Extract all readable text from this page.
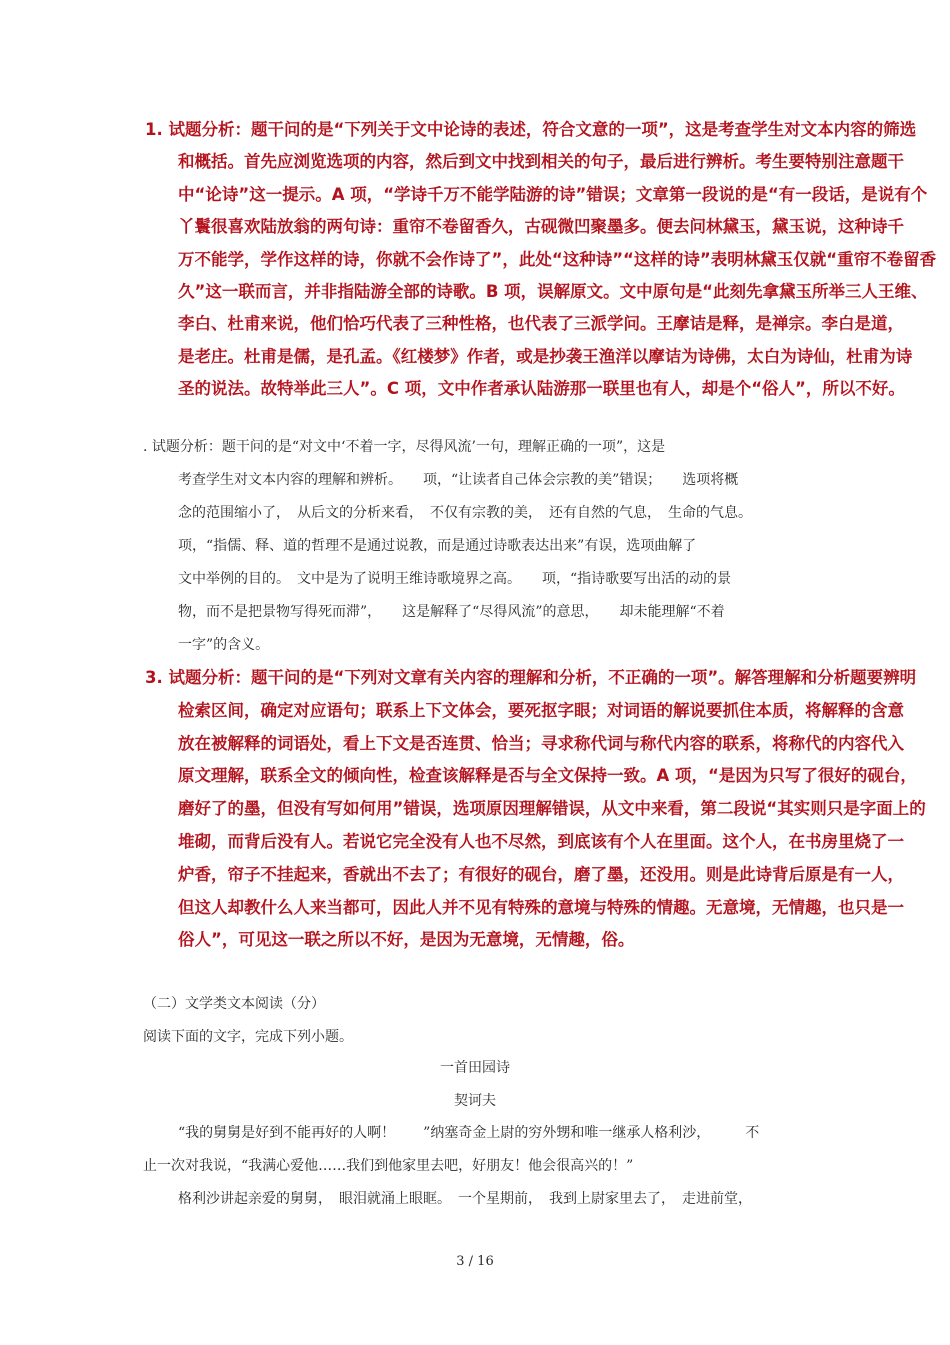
1. 试题分析：题干问的是“下列关于文中论诗的表述，符合文意的一项”，这是考查学生对文本内容的筛选
和概括。首先应浏览选项的内容，然后到文中找到相关的句子，最后进行辨析。考生要特别注意题干
中“论诗”这一提示。A 项，“学诗千万不能学陆游的诗”错误；文章第一段说的是“有一段话，是说有个
丫鬟很喜欢陆放翁的两句诗：重帘不卷留香久，古砚微凹聚墨多。便去问林黛玉，黛玉说，这种诗千
万不能学，学作这样的诗，你就不会作诗了”，此处“这种诗”“这样的诗”表明林黛玉仅就“重帘不卷留香
久”这一联而言，并非指陆游全部的诗歌。B 项，误解原文。文中原句是“此刻先拿黛玉所举三人王维、
李白、杜甫来说，他们恰巧代表了三种性格，也代表了三派学问。王摩诘是释，是禅宗。李白是道，
是老庄。杜甫是儒，是孔孟。《红楼梦》作者，或是抄袭王渔洋以摩诘为诗佛，太白为诗仙，杜甫为诗
圣的说法。故特举此三人”。C 项，文中作者承认陆游那一联里也有人，却是个“俗人”，所以不好。
. 试题分析：题干问的是“对文中‘不着一字，尽得风流’一句，理解正确的一项”，这是
考查学生对文本内容的理解和辨析。　　项，“让读者自己体会宗教的美”错误；　　选项将概
念的范围缩小了，　从后文的分析来看，　不仅有宗教的美，　还有自然的气息，　生命的气息。
项，“指儒、释、道的哲理不是通过说教，而是通过诗歌表达出来”有误，选项曲解了
文中举例的目的。　文中是为了说明王维诗歌境界之高。　　项，“指诗歌要写出活的动的景
物，而不是把景物写得死而滞”，　　这是解释了“尽得风流”的意思，　　却未能理解“不着
一字”的含义。
3. 试题分析：题干问的是“下列对文章有关内容的理解和分析，不正确的一项”。解答理解和分析题要辨明
检索区间，确定对应语句；联系上下文体会，要死抠字眼；对词语的解说要抓住本质，将解释的含意
放在被解释的词语处，看上下文是否连贯、恰当；寻求称代词与称代内容的联系，将称代的内容代入
原文理解，联系全文的倾向性，检查该解释是否与全文保持一致。A 项，“是因为只写了很好的砚台，
磨好了的墨，但没有写如何用”错误，选项原因理解错误，从文中来看，第二段说“其实则只是字面上的
堆砌，而背后没有人。若说它完全没有人也不尽然，到底该有个人在里面。这个人，在书房里烧了一
炉香，帘子不挂起来，香就出不去了；有很好的砚台，磨了墨，还没用。则是此诗背后原是有一人，
但这人却教什么人来当都可，因此人并不见有特殊的意境与特殊的情趣。无意境，无情趣，也只是一
俗人”，可见这一联之所以不好，是因为无意境，无情趣，俗。
（二）文学类文本阅读（分）
阅读下面的文字，完成下列小题。
一首田园诗
契诃夫
“我的舅舅是好到不能再好的人啊！　　”纳塞奇金上尉的穷外甥和唯一继承人格利沙，　　　不
止一次对我说，“我满心爱他……我们到他家里去吧，好朋友！他会很高兴的！”
格利沙讲起亲爱的舅舅，　眼泪就涌上眼眶。　一个星期前，　我到上尉家里去了，　走进前堂，
3 / 16
